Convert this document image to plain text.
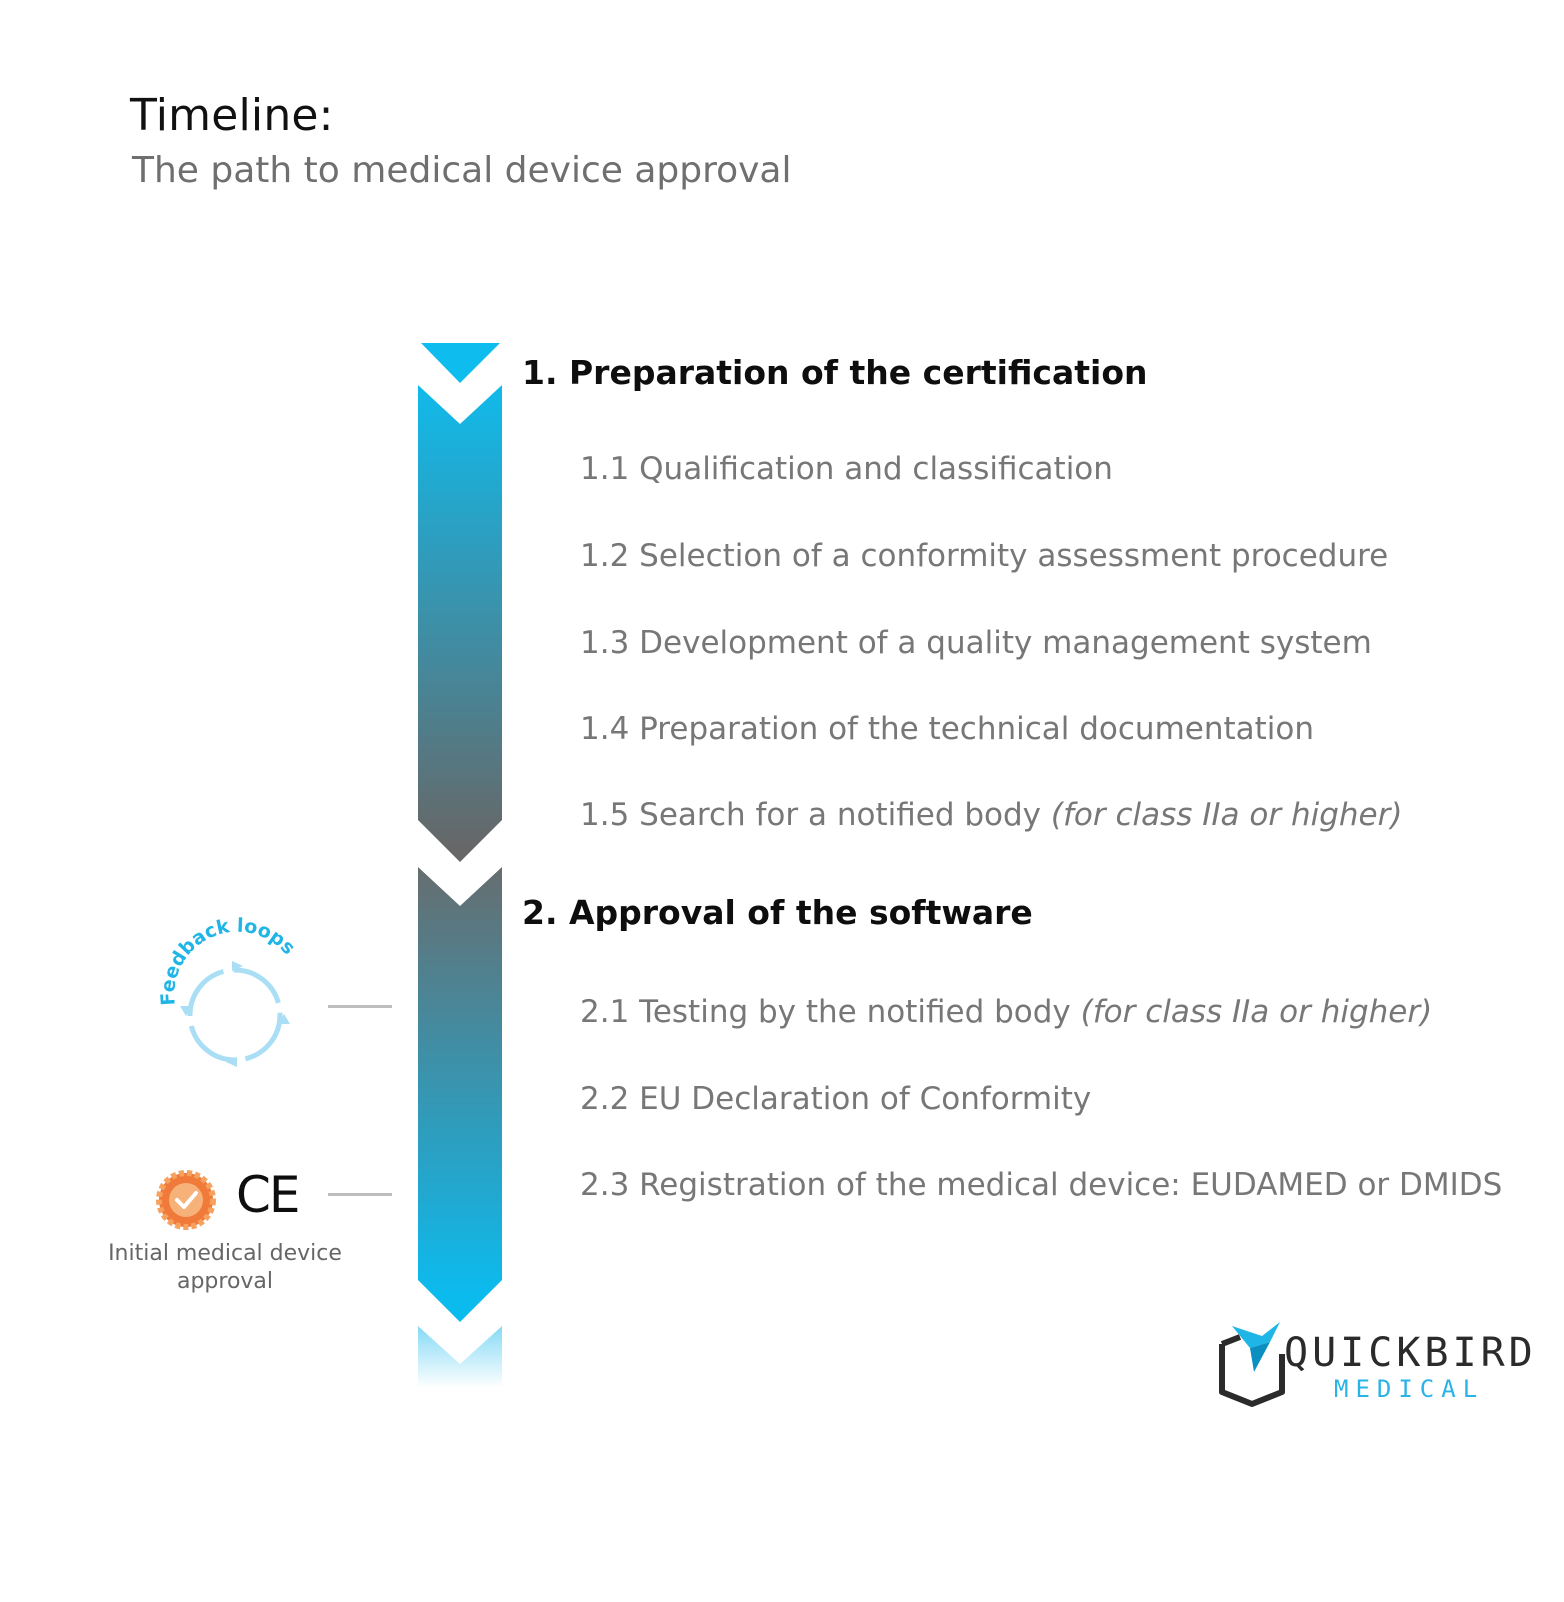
Timeline:
The path to medical device approval
Feedback loops
1. Preparation of the certification
2. Approval of the software
1.1 Qualification and classification
1.2 Selection of a conformity assessment procedure
1.3 Development of a quality management system
1.4 Preparation of the technical documentation
1.5 Search for a notified body (for class IIa or higher)
2.1 Testing by the notified body (for class IIa or higher)
2.2 EU Declaration of Conformity
2.3 Registration of the medical device: EUDAMED or DMIDS
CE
Initial medical device approval
QUICKBIRD
MEDICAL
